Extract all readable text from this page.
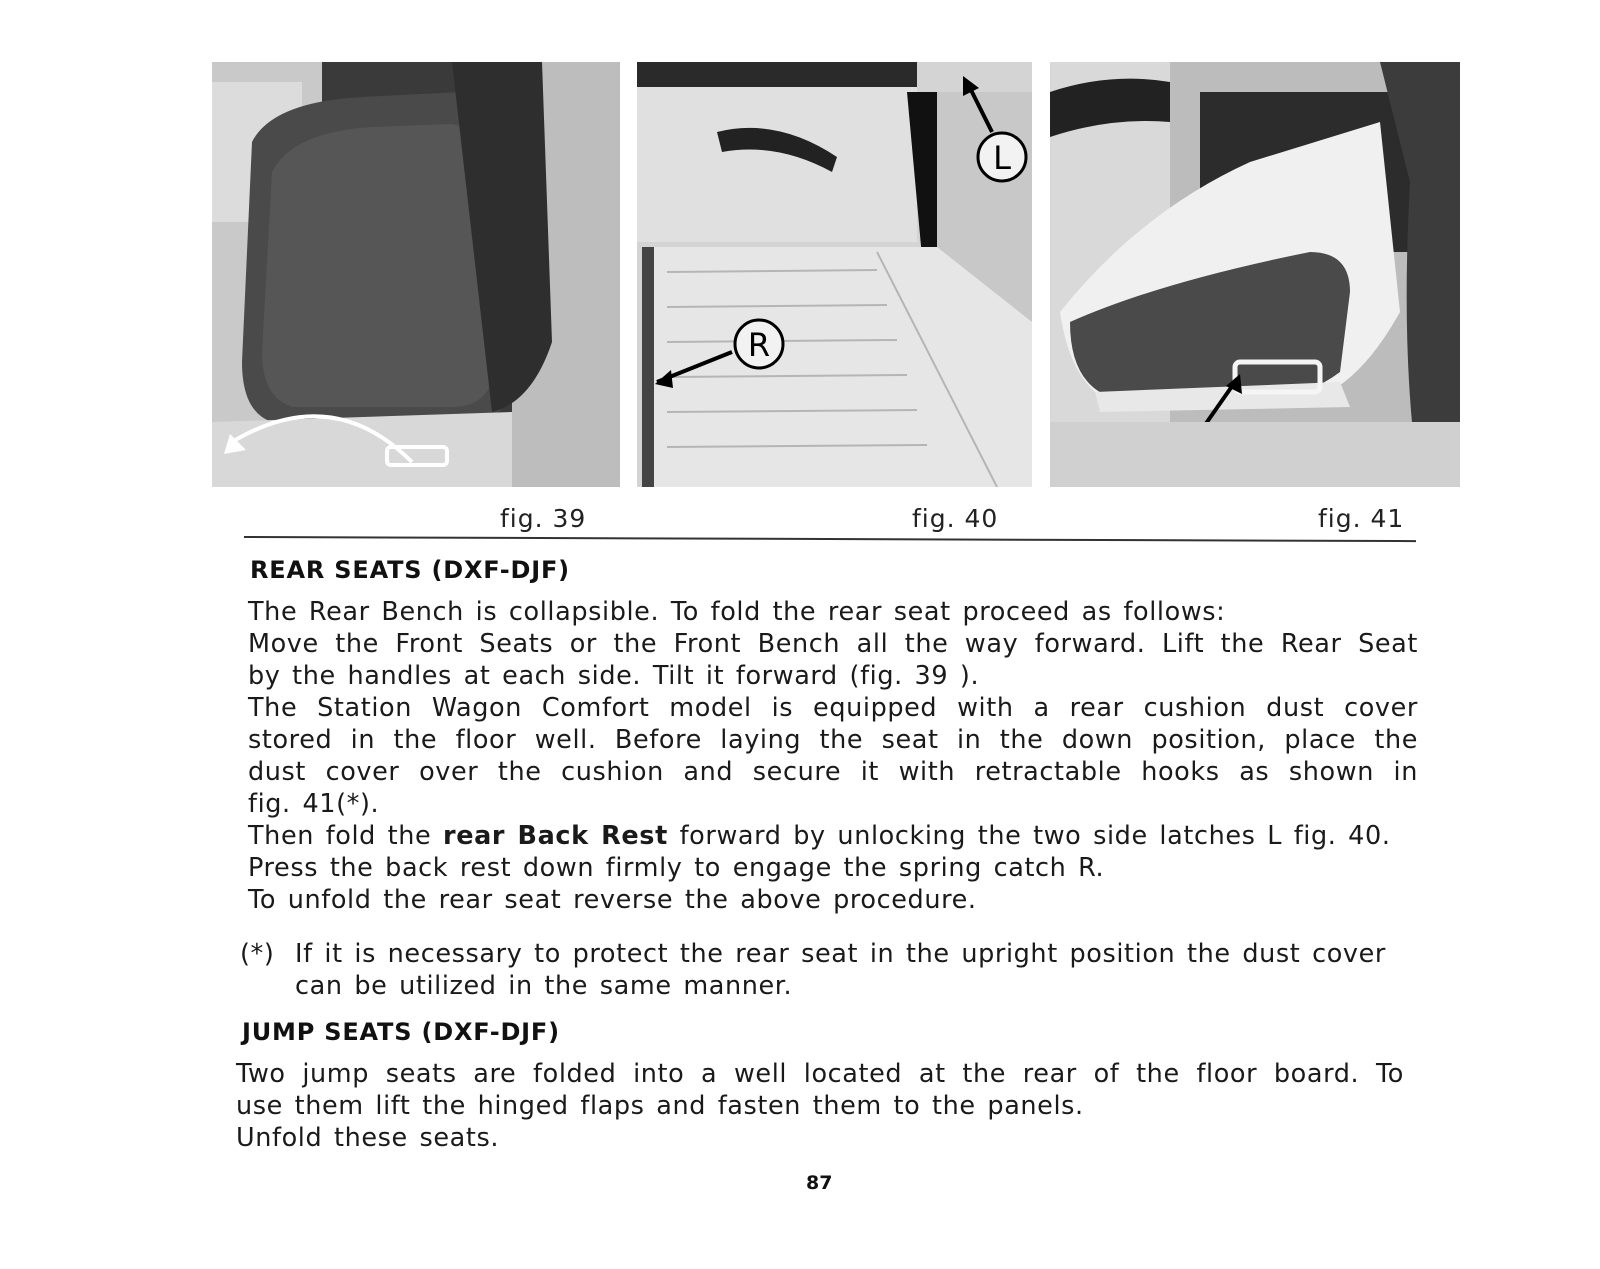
R
L
fig. 39	fig. 40	fig. 41
REAR SEATS (DXF-DJF)
The Rear Bench is collapsible. To fold the rear seat proceed as follows:
Move the Front Seats or the Front Bench all the way forward. Lift the Rear Seat
by the handles at each side. Tilt it forward (fig. 39 ).
The Station Wagon Comfort model is equipped with a rear cushion dust cover
stored in the floor well. Before laying the seat in the down position, place the
dust cover over the cushion and secure it with retractable hooks as shown in
fig. 41(*).
Then fold the rear Back Rest forward by unlocking the two side latches L fig. 40.
Press the back rest down firmly to engage the spring catch R.
To unfold the rear seat reverse the above procedure.
(*) If it is necessary to protect the rear seat in the upright position the dust cover
can be utilized in the same manner.
JUMP SEATS (DXF-DJF)
Two jump seats are folded into a well located at the rear of the floor board. To
use them lift the hinged flaps and fasten them to the panels.
Unfold these seats.
87
